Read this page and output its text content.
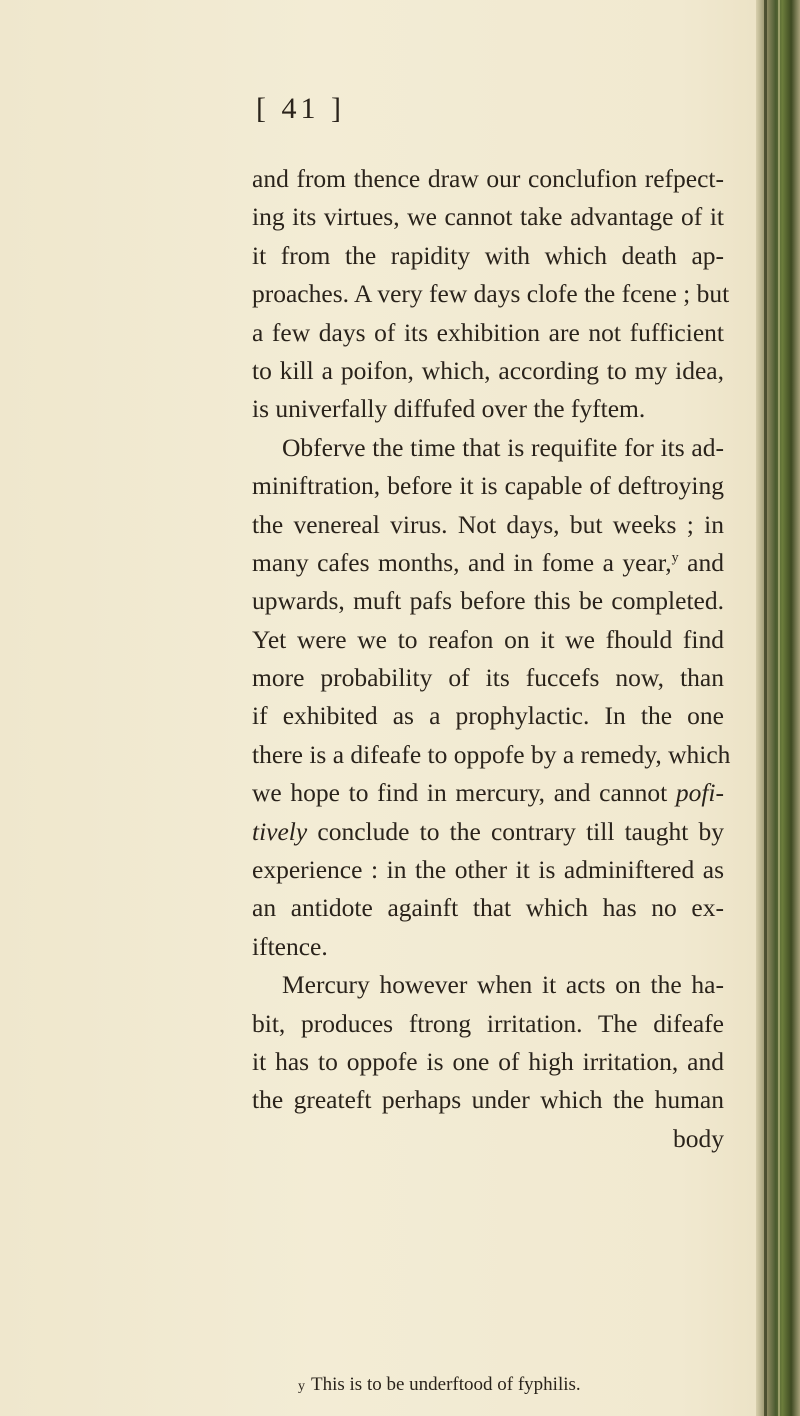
[ 41 ]
and from thence draw our conclufion refpect-
ing its virtues, we cannot take advantage of it
it from the rapidity with which death ap-
proaches. A very few days clofe the fcene ; but
a few days of its exhibition are not fufficient
to kill a poifon, which, according to my idea,
is univerfally diffufed over the fyftem.
Obferve the time that is requifite for its ad-
miniftration, before it is capable of deftroying
the venereal virus. Not days, but weeks ; in
many cafes months, and in fome a year,$^y$ and
upwards, muft pafs before this be completed.
Yet were we to reafon on it we fhould find
more probability of its fuccefs now, than
if exhibited as a prophylactic. In the one
there is a difeafe to oppofe by a remedy, which
we hope to find in mercury, and cannot pofi-
tively conclude to the contrary till taught by
experience : in the other it is adminiftered as
an antidote againft that which has no ex-
iftence.
Mercury however when it acts on the ha-
bit, produces ftrong irritation. The difeafe
it has to oppofe is one of high irritation, and
the greateft perhaps under which the human
body
y This is to be underftood of fyphilis.
